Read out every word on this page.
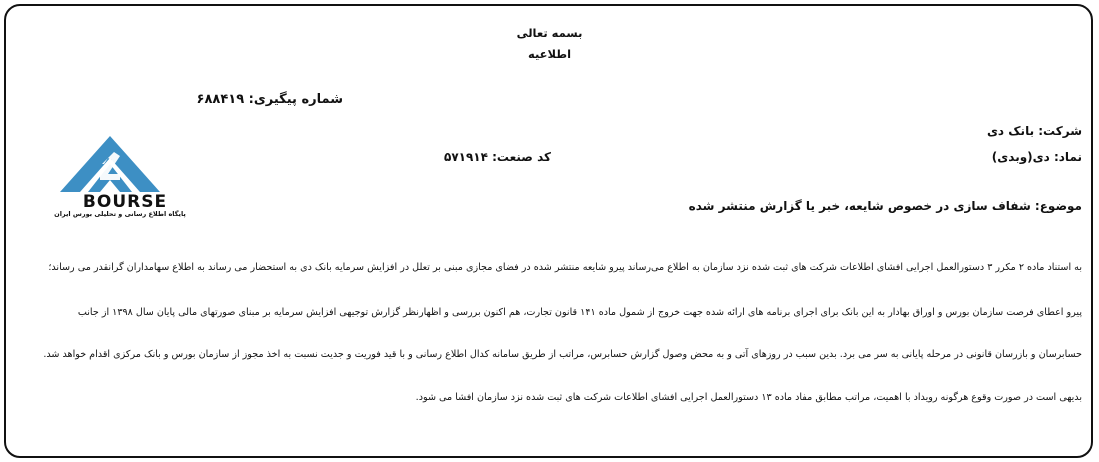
بسمه تعالی
اطلاعیه
شماره پیگیری: ۶۸۸۴۱۹
شرکت: بانک دی
نماد: دی(وبدی)
کد صنعت: ۵۷۱۹۱۴
موضوع: شفاف سازی در خصوص شایعه، خبر یا گزارش منتشر شده
BOURSE
پایگاه اطلاع رسانی و تحلیلی بورس ایران
به استناد ماده ۲ مکرر ۳ دستورالعمل اجرایی افشای اطلاعات شرکت های ثبت شده نزد سازمان به اطلاع می‌رساند پیرو شایعه منتشر شده در فضای مجازی مبنی بر تعلل در افزایش سرمایه بانک دی به استحضار می رساند به اطلاع سهامداران گرانقدر می رساند؛
پیرو اعطای فرصت سازمان بورس و اوراق بهادار به این بانک برای اجرای برنامه های ارائه شده جهت خروج از شمول ماده ۱۴۱ قانون تجارت، هم اکنون بررسی و اظهارنظر گزارش توجیهی افزایش سرمایه بر مبنای صورتهای مالی پایان سال ۱۳۹۸ از جانب
حسابرسان و بازرسان قانونی در مرحله پایانی به سر می برد. بدین سبب در روزهای آتی و به محض وصول گزارش حسابرس، مراتب از طریق سامانه کدال اطلاع رسانی و با قید فوریت و جدیت نسبت به اخذ مجوز از سازمان بورس و بانک مرکزی اقدام خواهد شد.
بدیهی است در صورت وقوع هرگونه رویداد با اهمیت، مراتب مطابق مفاد ماده ۱۳ دستورالعمل اجرایی افشای اطلاعات شرکت های ثبت شده نزد سازمان افشا می شود.
